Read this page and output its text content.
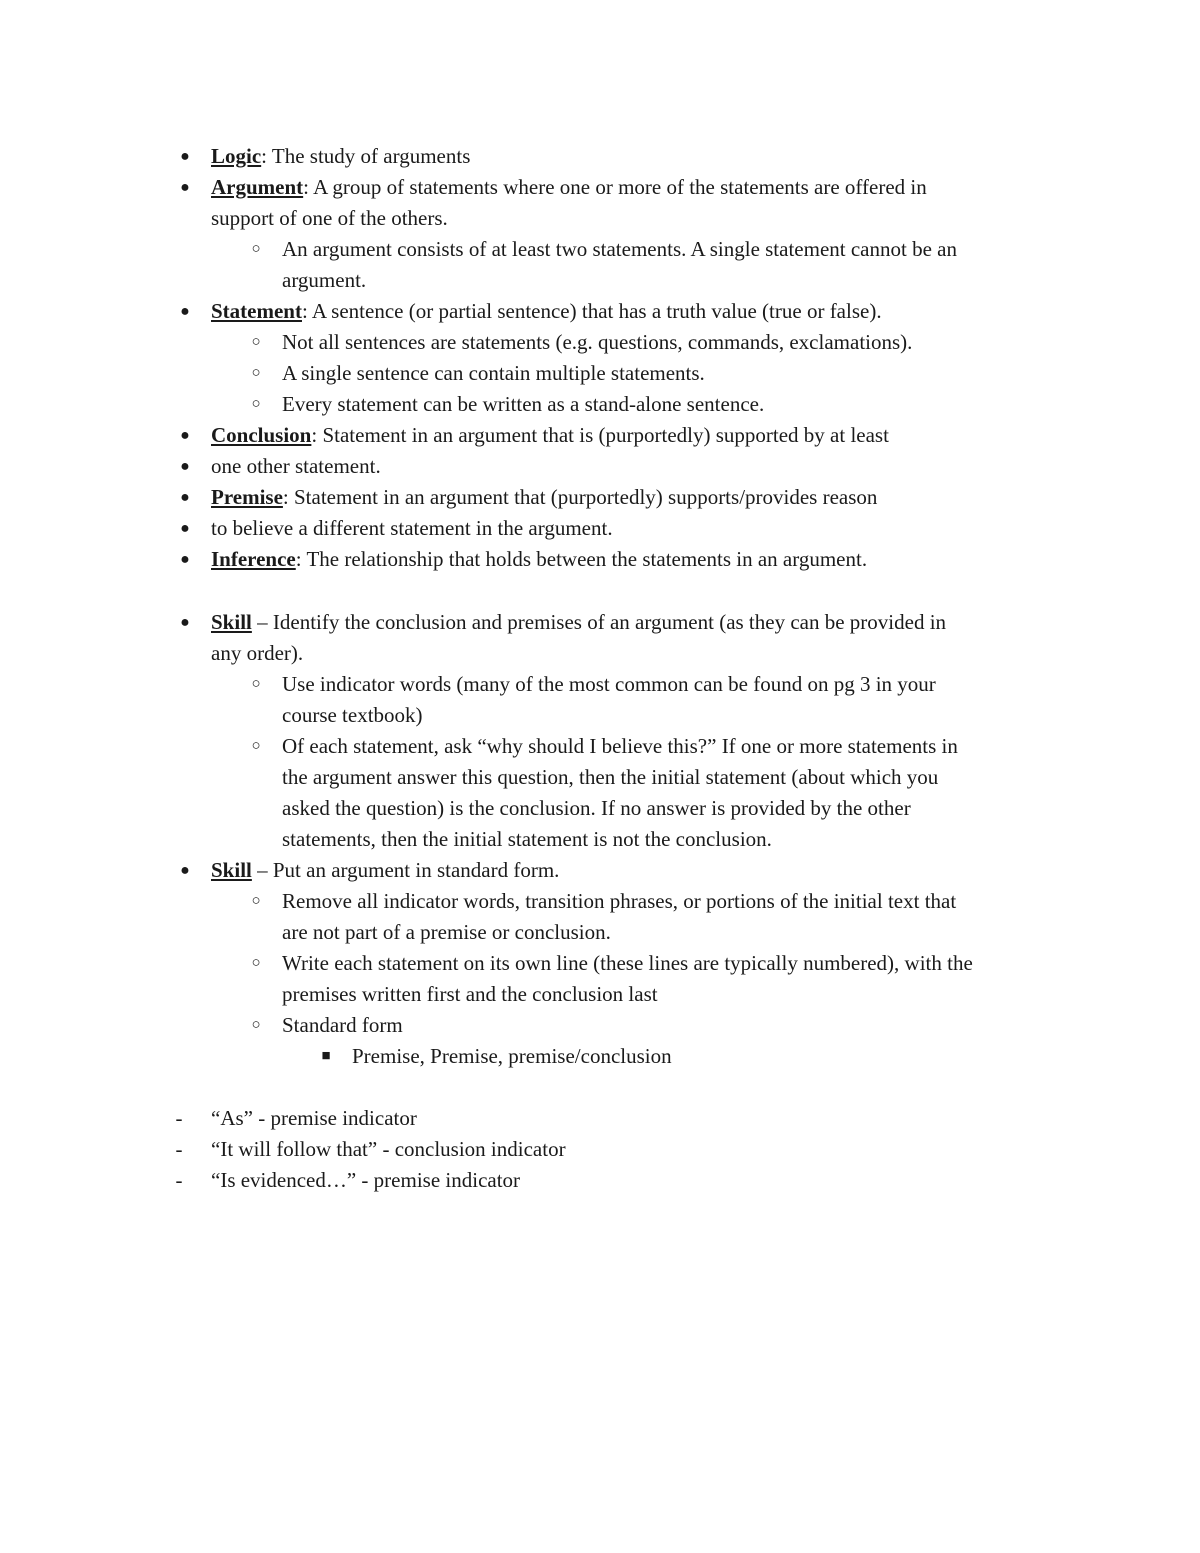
● Logic: The study of arguments
● Argument: A group of statements where one or more of the statements are offered in
support of one of the others.
○ An argument consists of at least two statements. A single statement cannot be an
argument.
● Statement: A sentence (or partial sentence) that has a truth value (true or false).
○ Not all sentences are statements (e.g. questions, commands, exclamations).
○ A single sentence can contain multiple statements.
○ Every statement can be written as a stand-alone sentence.
● Conclusion: Statement in an argument that is (purportedly) supported by at least
● one other statement.
● Premise: Statement in an argument that (purportedly) supports/provides reason
● to believe a different statement in the argument.
● Inference: The relationship that holds between the statements in an argument.
● Skill – Identify the conclusion and premises of an argument (as they can be provided in
any order).
○ Use indicator words (many of the most common can be found on pg 3 in your
course textbook)
○ Of each statement, ask “why should I believe this?” If one or more statements in
the argument answer this question, then the initial statement (about which you
asked the question) is the conclusion. If no answer is provided by the other
statements, then the initial statement is not the conclusion.
● Skill – Put an argument in standard form.
○ Remove all indicator words, transition phrases, or portions of the initial text that
are not part of a premise or conclusion.
○ Write each statement on its own line (these lines are typically numbered), with the
premises written first and the conclusion last
○ Standard form
■ Premise, Premise, premise/conclusion
-	“As” - premise indicator
-	“It will follow that” - conclusion indicator
-	“Is evidenced…” - premise indicator
